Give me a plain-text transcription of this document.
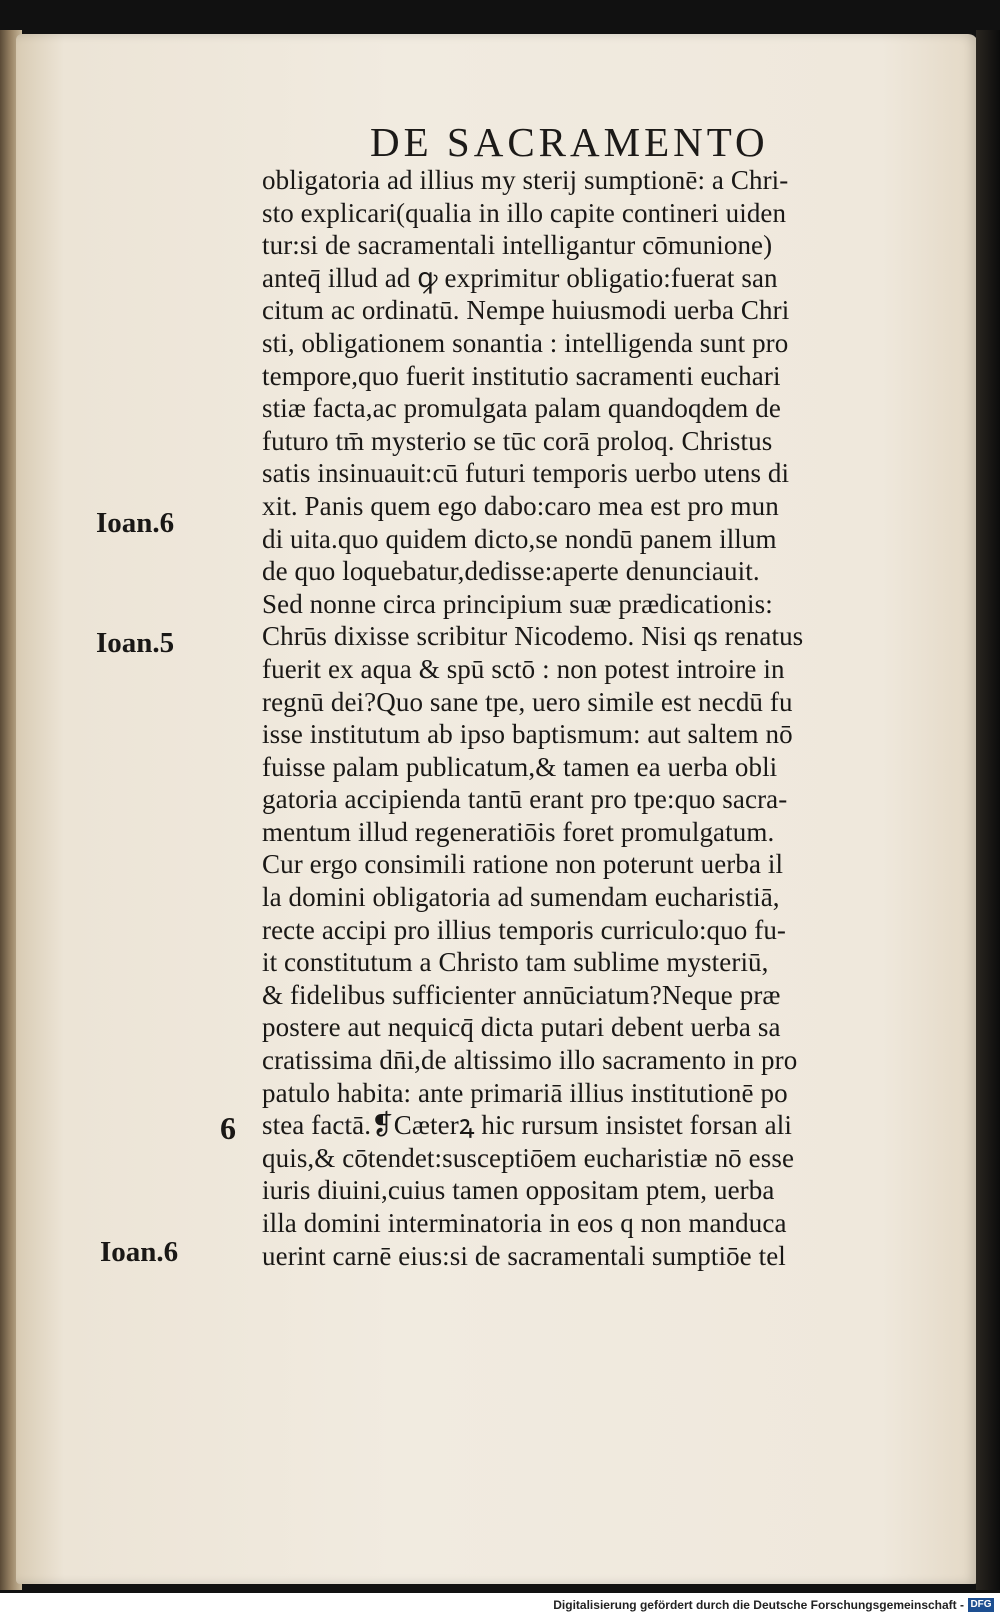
DE SACRAMENTO
obligatoria ad illius my sterij sumptionē: a Chri-
sto explicari(qualia in illo capite contineri uiden
tur:si de sacramentali intelligantur cōmunione)
anteq̄ illud ad ꝙ exprimitur obligatio:fuerat san
citum ac ordinatū. Nempe huiusmodi uerba Chri
sti, obligationem sonantia : intelligenda sunt pro
tempore,quo fuerit institutio sacramenti euchari
stiæ facta,ac promulgata palam quandoqdem de
futuro tm̄ mysterio se tūc corā proloq. Christus
satis insinuauit:cū futuri temporis uerbo utens di
xit. Panis quem ego dabo:caro mea est pro mun
di uita.quo quidem dicto,se nondū panem illum
de quo loquebatur,dedisse:aperte denunciauit.
Sed nonne circa principium suæ prædicationis:
Chrūs dixisse scribitur Nicodemo. Nisi qs renatus
fuerit ex aqua & spū sctō : non potest introire in
regnū dei?Quo sane tpe, uero simile est necdū fu
isse institutum ab ipso baptismum: aut saltem nō
fuisse palam publicatum,& tamen ea uerba obli
gatoria accipienda tantū erant pro tpe:quo sacra-
mentum illud regeneratiōis foret promulgatum.
Cur ergo consimili ratione non poterunt uerba il
la domini obligatoria ad sumendam eucharistiā,
recte accipi pro illius temporis curriculo:quo fu-
it constitutum a Christo tam sublime mysteriū,
& fidelibus sufficienter annūciatum?Neque præ
postere aut nequicq̄ dicta putari debent uerba sa
cratissima dn̄i,de altissimo illo sacramento in pro
patulo habita: ante primariā illius institutionē po
stea factā.❡Cæterꝝ hic rursum insistet forsan ali
quis,& cōtendet:susceptiōem eucharistiæ nō esse
iuris diuini,cuius tamen oppositam ptem, uerba
illa domini interminatoria in eos q non manduca
uerint carnē eius:si de sacramentali sumptiōe tel
Ioan.6
Ioan.5
6
Ioan.6
Digitalisierung gefördert durch die Deutsche Forschungsgemeinschaft - DFG
